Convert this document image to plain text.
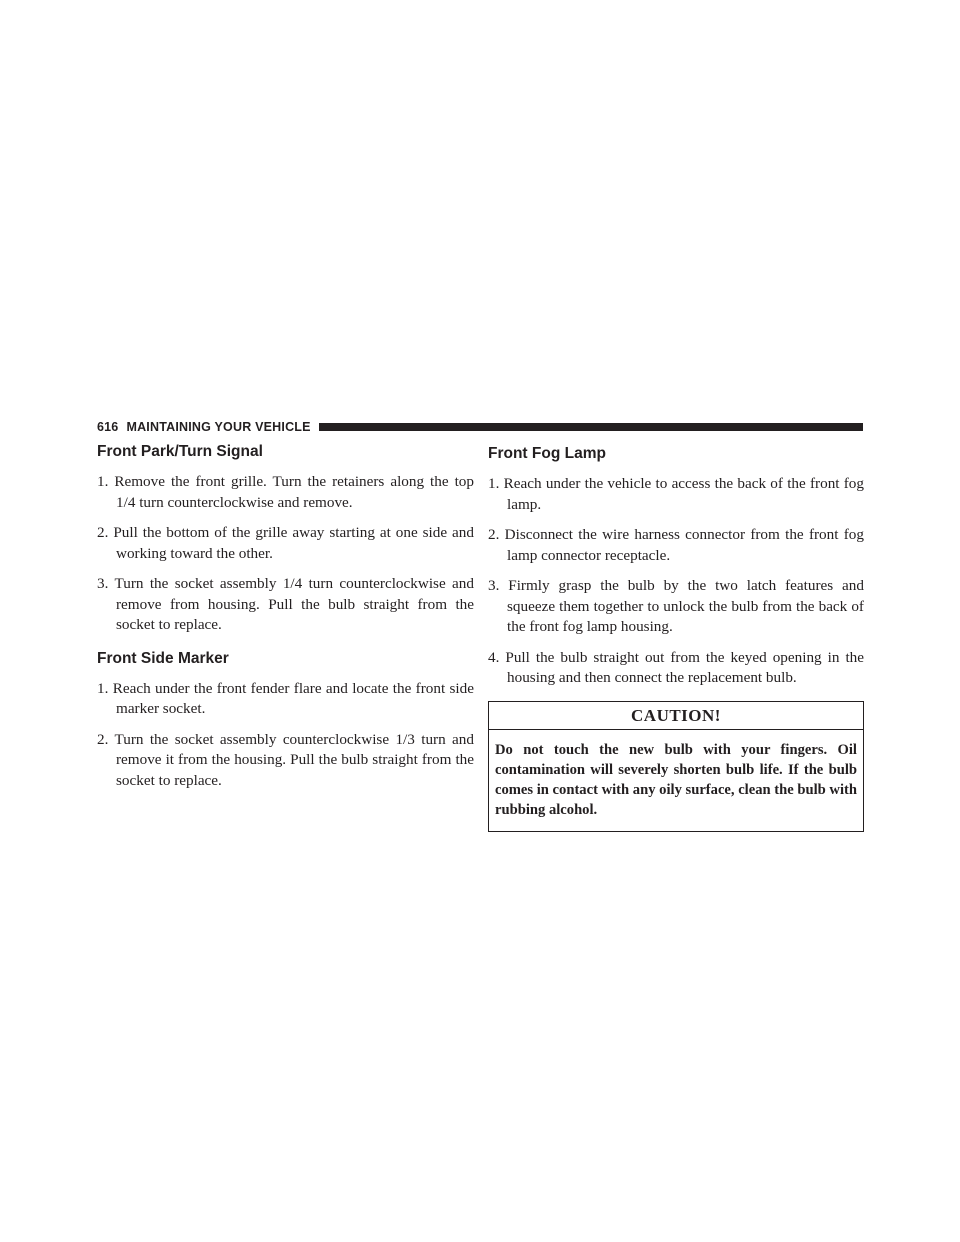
616 MAINTAINING YOUR VEHICLE
Front Park/Turn Signal
1. Remove the front grille. Turn the retainers along the top 1/4 turn counterclockwise and remove.
2. Pull the bottom of the grille away starting at one side and working toward the other.
3. Turn the socket assembly 1/4 turn counterclockwise and remove from housing. Pull the bulb straight from the socket to replace.
Front Side Marker
1. Reach under the front fender flare and locate the front side marker socket.
2. Turn the socket assembly counterclockwise 1/3 turn and remove it from the housing. Pull the bulb straight from the socket to replace.
Front Fog Lamp
1. Reach under the vehicle to access the back of the front fog lamp.
2. Disconnect the wire harness connector from the front fog lamp connector receptacle.
3. Firmly grasp the bulb by the two latch features and squeeze them together to unlock the bulb from the back of the front fog lamp housing.
4. Pull the bulb straight out from the keyed opening in the housing and then connect the replacement bulb.
CAUTION!
Do not touch the new bulb with your fingers. Oil contamination will severely shorten bulb life. If the bulb comes in contact with any oily surface, clean the bulb with rubbing alcohol.
carmanualsonline.info
